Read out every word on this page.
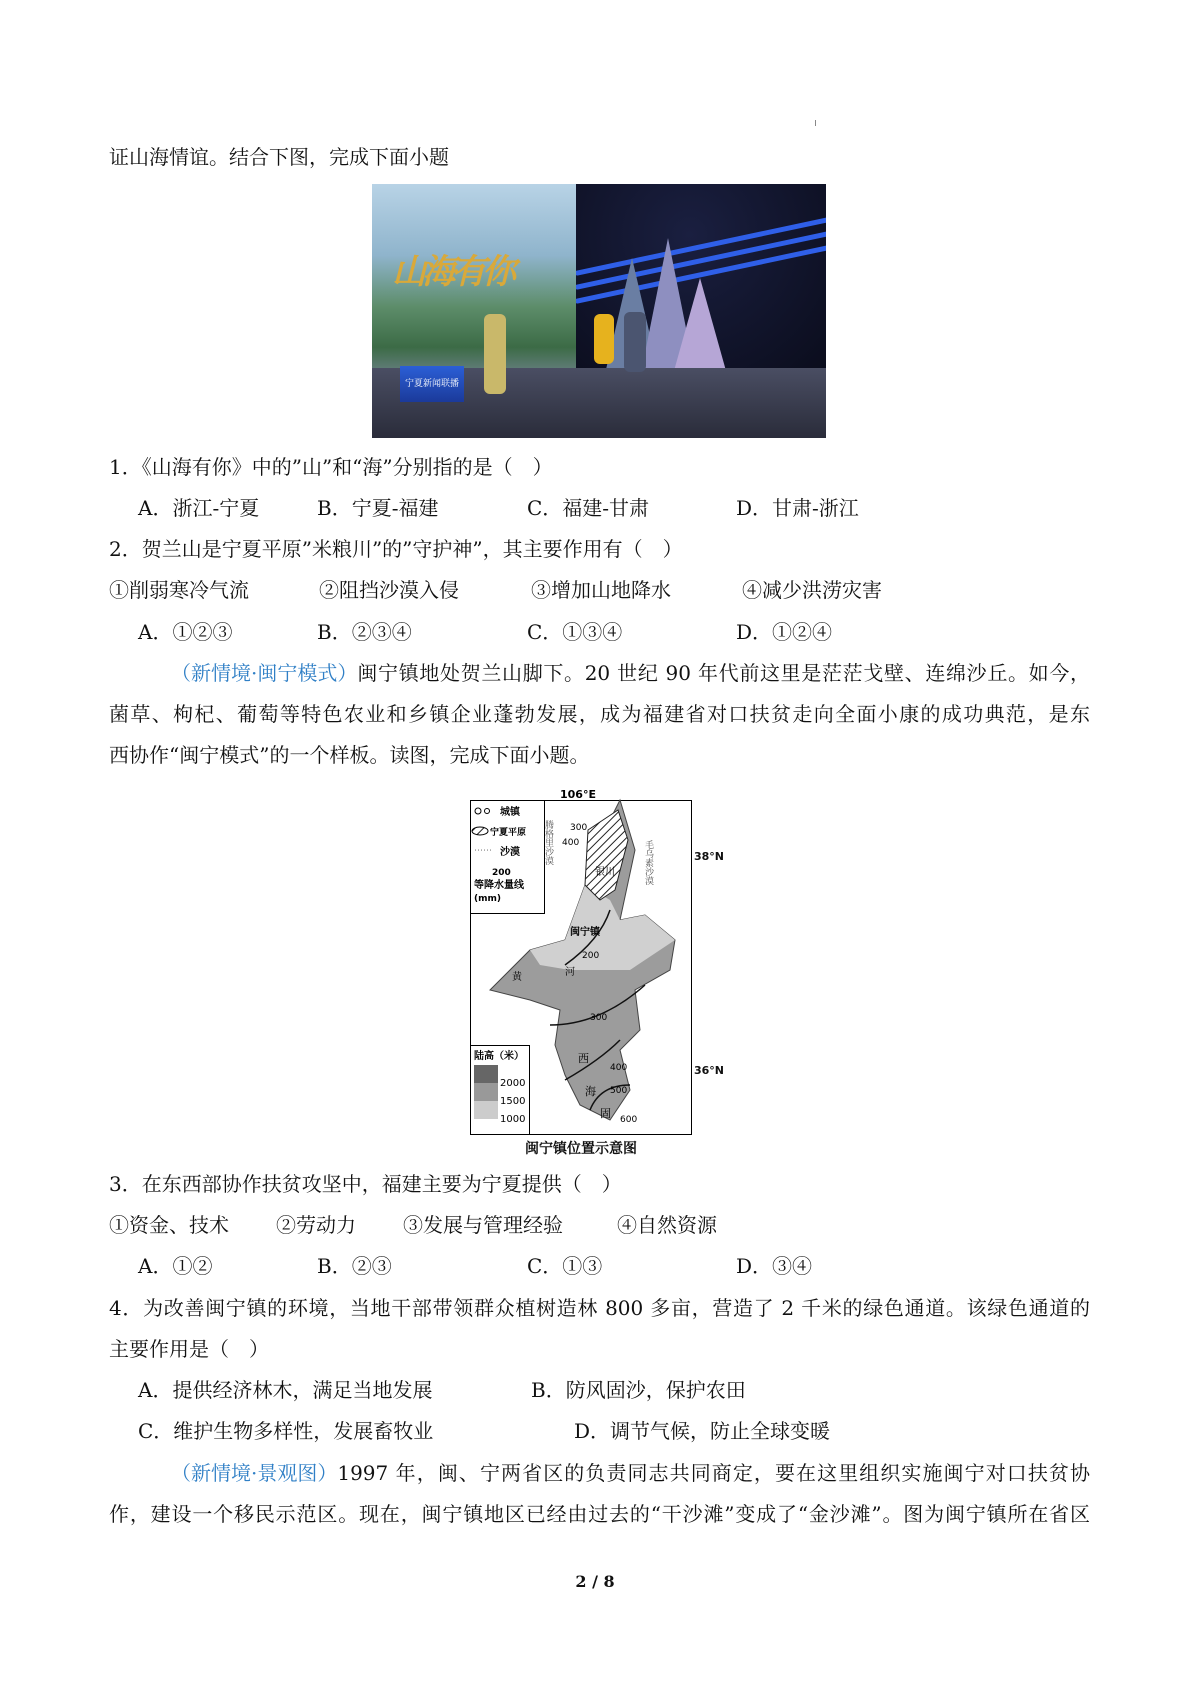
证山海情谊。结合下图，完成下面小题
山海有你
宁夏新闻联播
1．《山海有你》中的”山”和“海”分别指的是（　）
A．浙江-宁夏	B．宁夏-福建	C．福建-甘肃	D．甘肃-浙江
2．贺兰山是宁夏平原”米粮川”的”守护神”，其主要作用有（　）
①削弱寒冷气流	②阻挡沙漠入侵	③增加山地降水	④减少洪涝灾害
A．①②③	B．②③④	C．①③④	D．①②④
（新情境·闽宁模式） 闽宁镇地处贺兰山脚下。20 世纪 90 年代前这里是茫茫戈壁、连绵沙丘。如今，
菌草、枸杞、葡萄等特色农业和乡镇企业蓬勃发展，成为福建省对口扶贫走向全面小康的成功典范，是东
西协作“闽宁模式”的一个样板。读图，完成下面小题。
106°E
城镇
宁夏平原
⋯⋯ 沙漠
200
等降水量线
(mm)
陆高（米）
2000
1500
1000
腾格里沙漠	毛乌素沙漠
银川
闽宁镇
黄	河
西
海
固
200
300
400
500
600
300
400
38°N
36°N
闽宁镇位置示意图
3．在东西部协作扶贫攻坚中，福建主要为宁夏提供（　）
①资金、技术 ②劳动力 ③发展与管理经验	④自然资源
A．①②	B．②③	C．①③	D．③④
4．为改善闽宁镇的环境，当地干部带领群众植树造林 800 多亩，营造了 2 千米的绿色通道。该绿色通道的
主要作用是（　）
A．提供经济林木，满足当地发展	B．防风固沙，保护农田
C．维护生物多样性，发展畜牧业	D．调节气候，防止全球变暖
（新情境·景观图） 1997 年，闽、宁两省区的负责同志共同商定，要在这里组织实施闽宁对口扶贫协
作，建设一个移民示范区。现在，闽宁镇地区已经由过去的“干沙滩”变成了“金沙滩”。图为闽宁镇所在省区
2 / 8
